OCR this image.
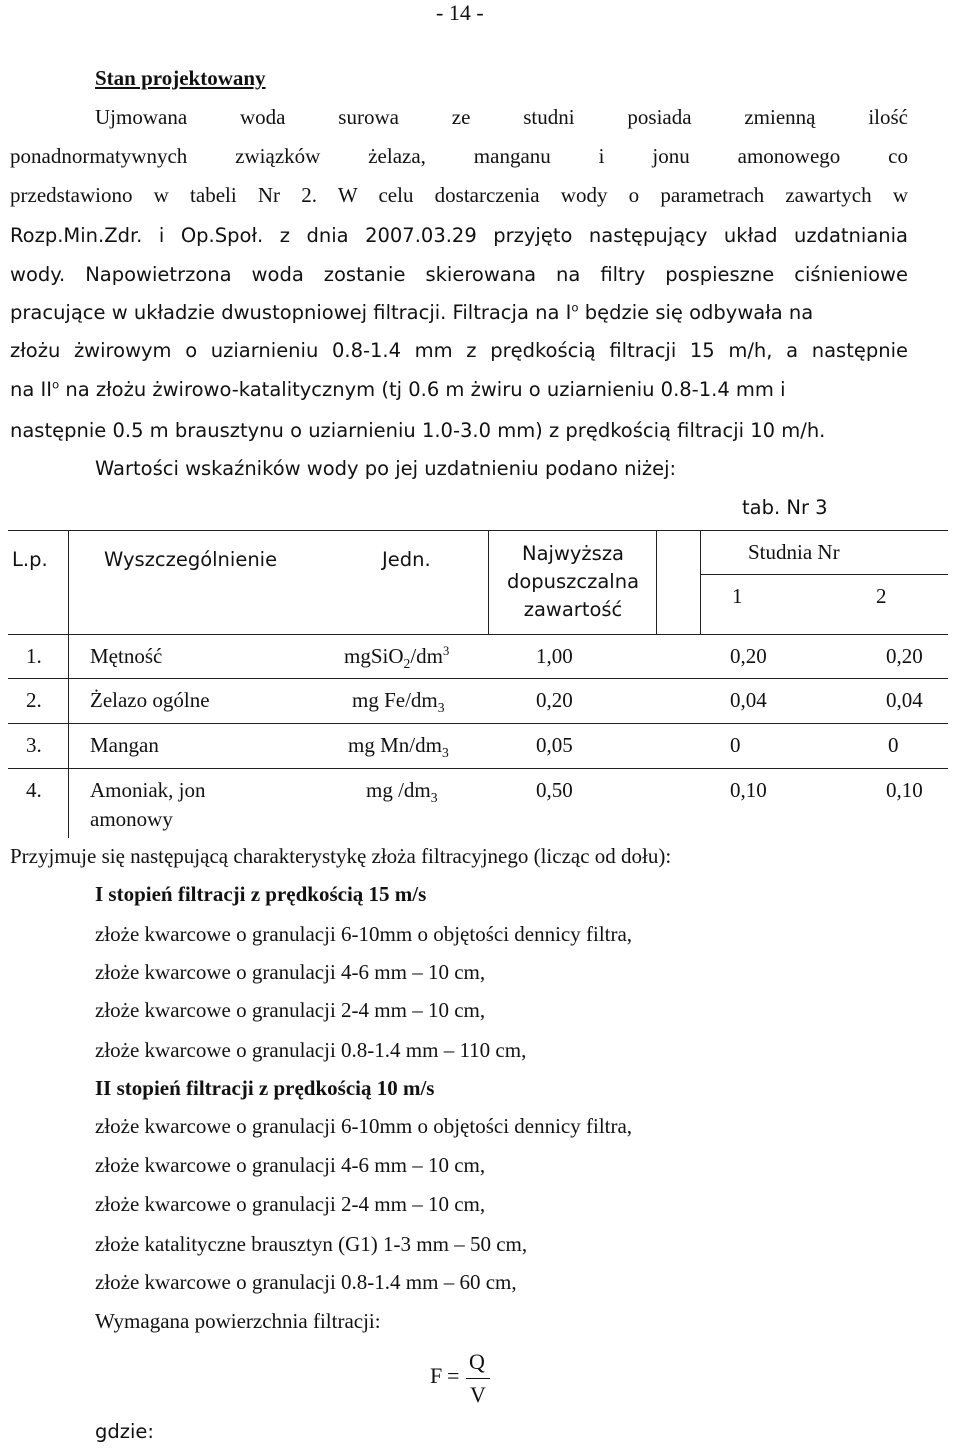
- 14 -
Stan projektowany
Ujmowana woda surowa ze studni posiada zmienną ilość
ponadnormatywnych związków żelaza, manganu i jonu amonowego co
przedstawiono w tabeli Nr 2. W celu dostarczenia wody o parametrach zawartych w
Rozp.Min.Zdr. i Op.Społ. z dnia 2007.03.29 przyjęto następujący układ uzdatniania
wody. Napowietrzona woda zostanie skierowana na filtry pospieszne ciśnieniowe
pracujące w układzie dwustopniowej filtracji. Filtracja na $I^o$ będzie się odbywała na
złożu żwirowym o uziarnieniu 0.8-1.4 mm z prędkością filtracji 15 m/h, a następnie
na $II^o$ na złożu żwirowo-katalitycznym (tj 0.6 m żwiru o uziarnieniu 0.8-1.4 mm i
następnie 0.5 m brausztynu o uziarnieniu 1.0-3.0 mm) z prędkością filtracji 10 m/h.
Wartości wskaźników wody po jej uzdatnieniu podano niżej:
tab. Nr 3
L.p.	Wyszczególnienie	Jedn.	Najwyższa
dopuszczalna
zawartość
Studnia Nr
1	2
1. Mętność	$mgSiO_2/dm^3$	1,00	0,20	0,20
2. Żelazo ogólne	mg $Fe/dm_3$	0,20	0,04	0,04
3. Mangan	mg $Mn/dm_3$	0,05	0	0
4. Amoniak, jon
amonowy
mg $/dm_3$	0,50	0,10	0,10
Przyjmuje się następującą charakterystykę złoża filtracyjnego (licząc od dołu):
I stopień filtracji z prędkością 15 m/s
złoże kwarcowe o granulacji 6-10mm o objętości dennicy filtra,
złoże kwarcowe o granulacji 4-6 mm – 10 cm,
złoże kwarcowe o granulacji 2-4 mm – 10 cm,
złoże kwarcowe o granulacji 0.8-1.4 mm – 110 cm,
II stopień filtracji z prędkością 10 m/s
złoże kwarcowe o granulacji 6-10mm o objętości dennicy filtra,
złoże kwarcowe o granulacji 4-6 mm – 10 cm,
złoże kwarcowe o granulacji 2-4 mm – 10 cm,
złoże katalityczne brausztyn (G1) 1-3 mm – 50 cm,
złoże kwarcowe o granulacji 0.8-1.4 mm – 60 cm,
Wymagana powierzchnia filtracji:
F =
Q
V
gdzie:
